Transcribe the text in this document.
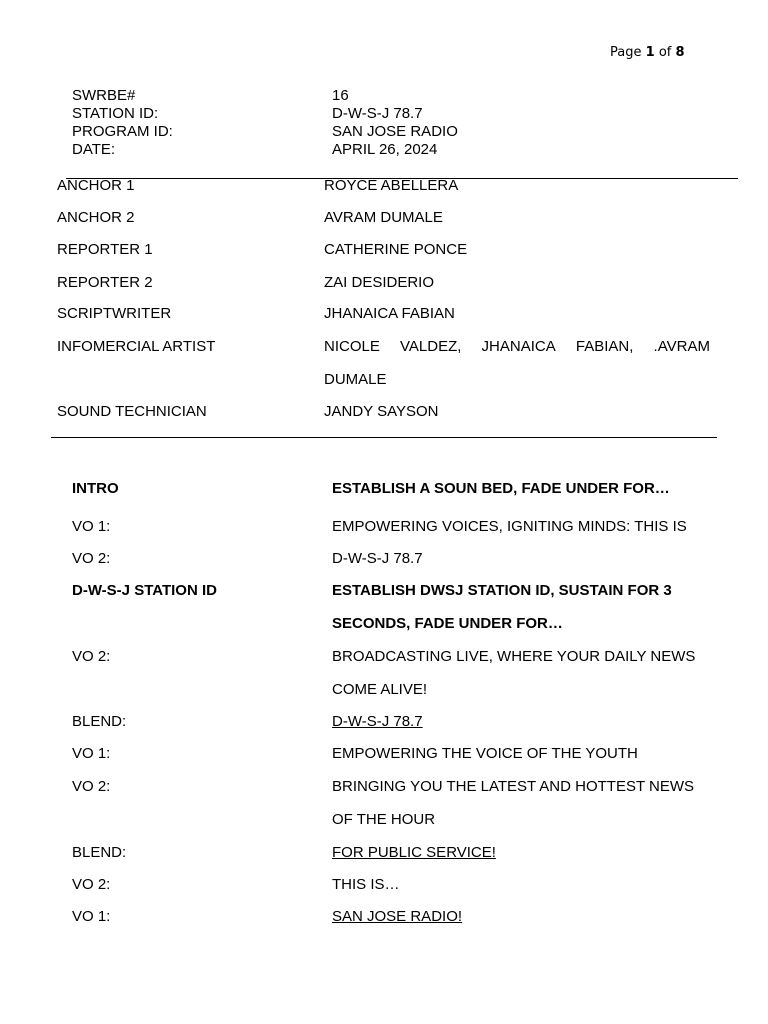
Page 1 of 8
SWRBE#	16
STATION ID:	D-W-S-J 78.7
PROGRAM ID:	SAN JOSE RADIO
DATE:	APRIL 26, 2024
ANCHOR 1	ROYCE ABELLERA
ANCHOR 2	AVRAM DUMALE
REPORTER 1	CATHERINE PONCE
REPORTER 2	ZAI DESIDERIO
SCRIPTWRITER	JHANAICA FABIAN
INFOMERCIAL ARTIST	NICOLE VALDEZ, JHANAICA FABIAN, .AVRAM
DUMALE
SOUND TECHNICIAN	JANDY SAYSON
INTRO	ESTABLISH A SOUN BED, FADE UNDER FOR…
VO 1:	EMPOWERING VOICES, IGNITING MINDS: THIS IS
VO 2:	D-W-S-J 78.7
D-W-S-J STATION ID	ESTABLISH DWSJ STATION ID, SUSTAIN FOR 3
SECONDS, FADE UNDER FOR…
VO 2:	BROADCASTING LIVE, WHERE YOUR DAILY NEWS
COME ALIVE!
BLEND:	D-W-S-J 78.7
VO 1:	EMPOWERING THE VOICE OF THE YOUTH
VO 2:	BRINGING YOU THE LATEST AND HOTTEST NEWS
OF THE HOUR
BLEND:	FOR PUBLIC SERVICE!
VO 2:	THIS IS…
VO 1:	SAN JOSE RADIO!
